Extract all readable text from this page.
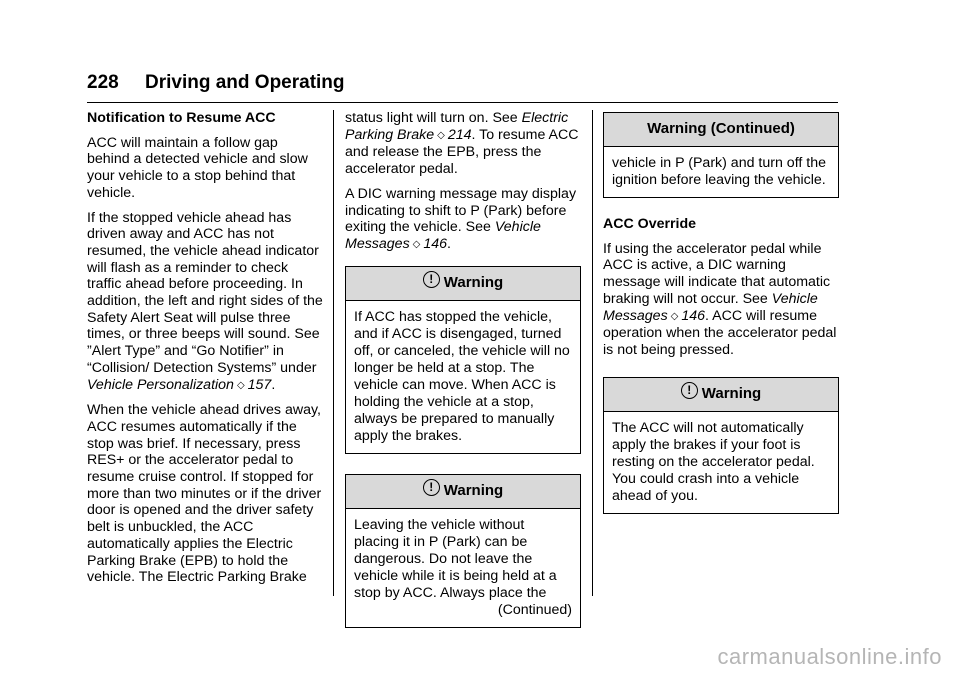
228 Driving and Operating

Notification to Resume ACC

ACC will maintain a follow gap behind a detected vehicle and slow your vehicle to a stop behind that vehicle.

If the stopped vehicle ahead has driven away and ACC has not resumed, the vehicle ahead indicator will flash as a reminder to check traffic ahead before proceeding. In addition, the left and right sides of the Safety Alert Seat will pulse three times, or three beeps will sound. See ”Alert Type” and “Go Notifier” in “Collision/ Detection Systems” under Vehicle Personalization ◇ 157.

When the vehicle ahead drives away, ACC resumes automatically if the stop was brief. If necessary, press RES+ or the accelerator pedal to resume cruise control. If stopped for more than two minutes or if the driver door is opened and the driver safety belt is unbuckled, the ACC automatically applies the Electric Parking Brake (EPB) to hold the vehicle. The Electric Parking Brake

status light will turn on. See Electric Parking Brake ◇ 214. To resume ACC and release the EPB, press the accelerator pedal.

A DIC warning message may display indicating to shift to P (Park) before exiting the vehicle. See Vehicle Messages ◇ 146.

! Warning
If ACC has stopped the vehicle, and if ACC is disengaged, turned off, or canceled, the vehicle will no longer be held at a stop. The vehicle can move. When ACC is holding the vehicle at a stop, always be prepared to manually apply the brakes.
! Warning
Leaving the vehicle without placing it in P (Park) can be dangerous. Do not leave the vehicle while it is being held at a stop by ACC. Always place the
(Continued)
Warning (Continued)
vehicle in P (Park) and turn off the ignition before leaving the vehicle.

ACC Override

If using the accelerator pedal while ACC is active, a DIC warning message will indicate that automatic braking will not occur. See Vehicle Messages ◇ 146. ACC will resume operation when the accelerator pedal is not being pressed.

! Warning
The ACC will not automatically apply the brakes if your foot is resting on the accelerator pedal. You could crash into a vehicle ahead of you.
carmanualsonline.info
